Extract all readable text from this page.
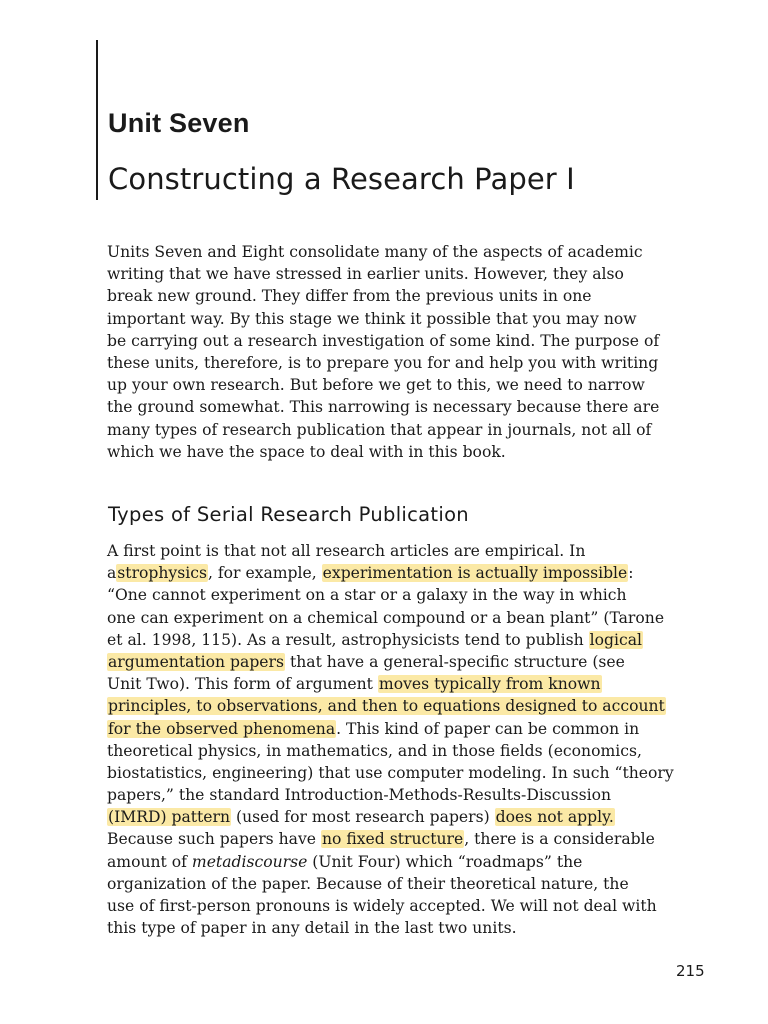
Unit Seven
Constructing a Research Paper I
Units Seven and Eight consolidate many of the aspects of academic
writing that we have stressed in earlier units. However, they also
break new ground. They differ from the previous units in one
important way. By this stage we think it possible that you may now
be carrying out a research investigation of some kind. The purpose of
these units, therefore, is to prepare you for and help you with writing
up your own research. But before we get to this, we need to narrow
the ground somewhat. This narrowing is necessary because there are
many types of research publication that appear in journals, not all of
which we have the space to deal with in this book.
Types of Serial Research Publication
A first point is that not all research articles are empirical. In
astrophysics, for example, experimentation is actually impossible:
“One cannot experiment on a star or a galaxy in the way in which
one can experiment on a chemical compound or a bean plant” (Tarone
et al. 1998, 115). As a result, astrophysicists tend to publish logical
argumentation papers that have a general-specific structure (see
Unit Two). This form of argument moves typically from known
principles, to observations, and then to equations designed to account
for the observed phenomena. This kind of paper can be common in
theoretical physics, in mathematics, and in those fields (economics,
biostatistics, engineering) that use computer modeling. In such “theory
papers,” the standard Introduction-Methods-Results-Discussion
(IMRD) pattern (used for most research papers) does not apply.
Because such papers have no fixed structure, there is a considerable
amount of metadiscourse (Unit Four) which “roadmaps” the
organization of the paper. Because of their theoretical nature, the
use of first-person pronouns is widely accepted. We will not deal with
this type of paper in any detail in the last two units.
215
